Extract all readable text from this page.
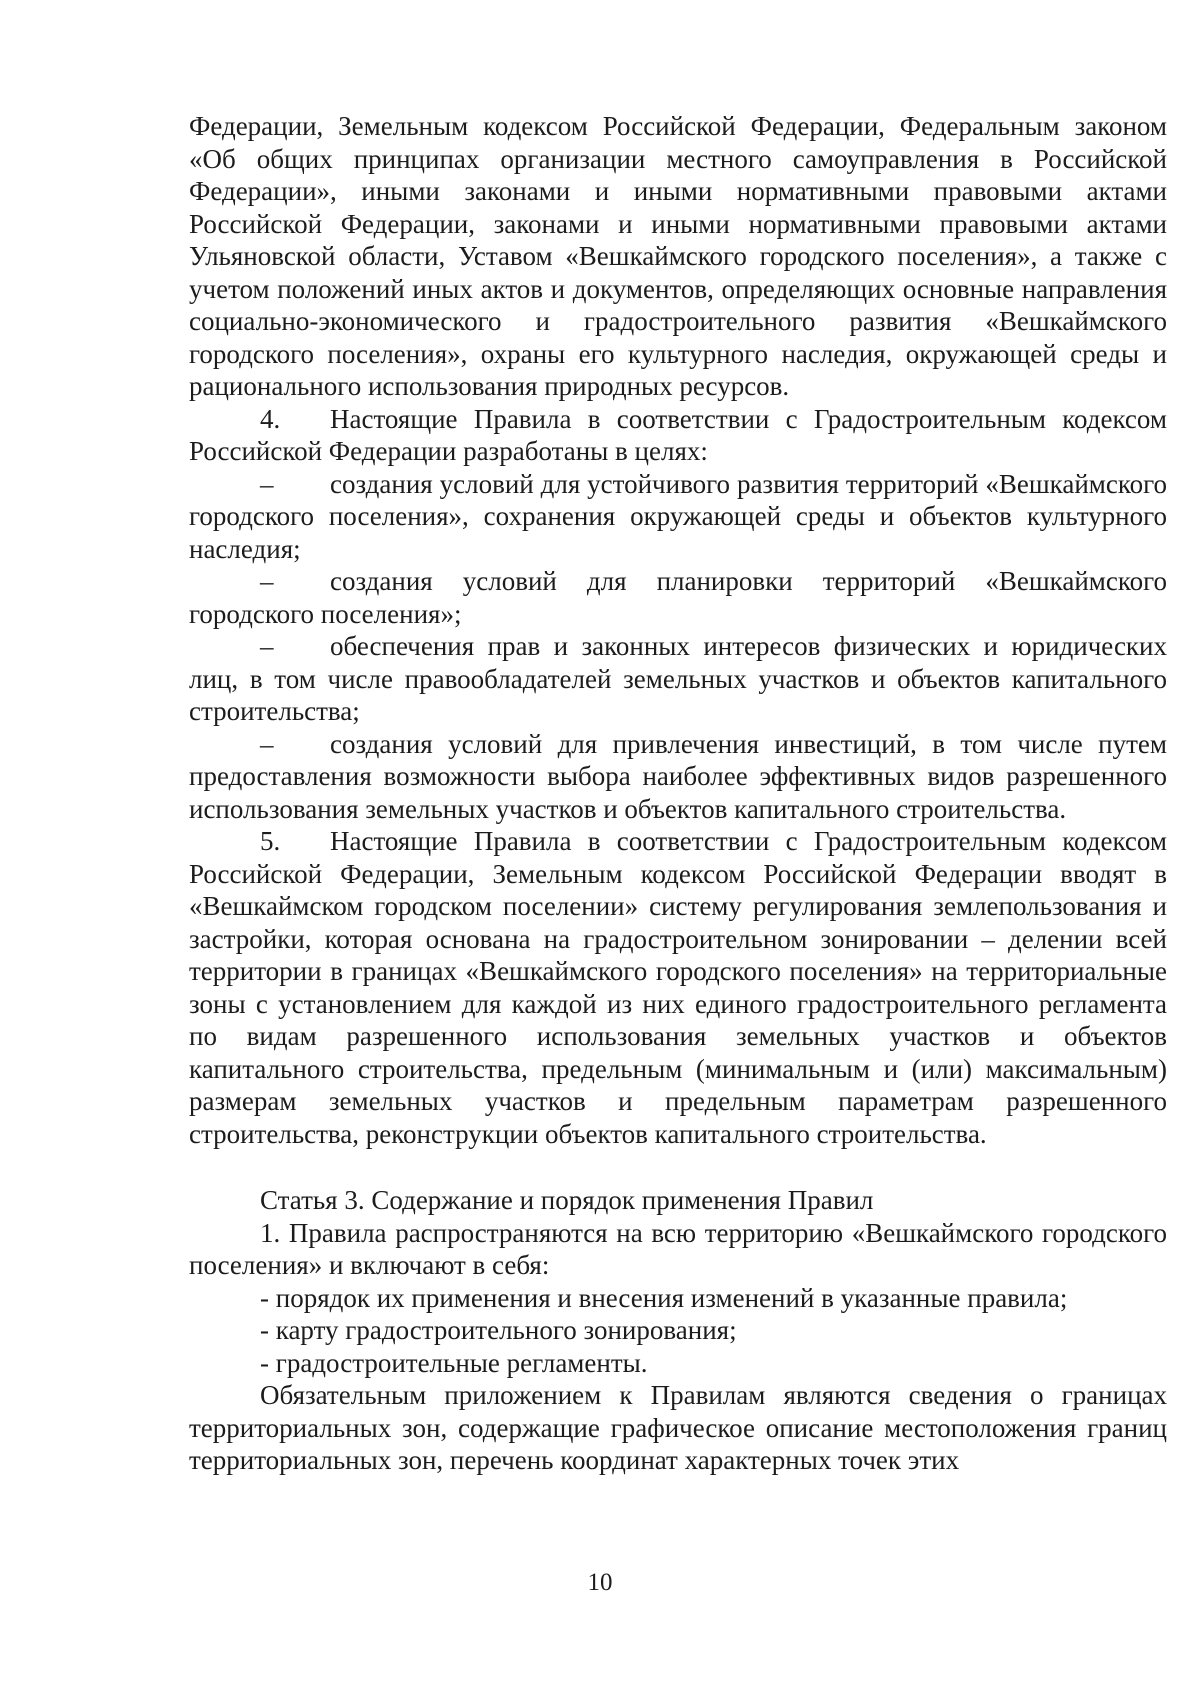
Федерации, Земельным кодексом Российской Федерации, Федеральным законом «Об общих принципах организации местного самоуправления в Российской Федерации», иными законами и иными нормативными правовыми актами Российской Федерации, законами и иными нормативными правовыми актами Ульяновской области, Уставом «Вешкаймского городского поселения», а также с учетом положений иных актов и документов, определяющих основные направления социально-экономического и градостроительного развития «Вешкаймского городского поселения», охраны его культурного наследия, окружающей среды и рационального использования природных ресурсов.

4. Настоящие Правила в соответствии с Градостроительным кодексом Российской Федерации разработаны в целях:

– создания условий для устойчивого развития территорий «Вешкаймского городского поселения», сохранения окружающей среды и объектов культурного наследия;

– создания условий для планировки территорий «Вешкаймского городского поселения»;

– обеспечения прав и законных интересов физических и юридических лиц, в том числе правообладателей земельных участков и объектов капитального строительства;

– создания условий для привлечения инвестиций, в том числе путем предоставления возможности выбора наиболее эффективных видов разрешенного использования земельных участков и объектов капитального строительства.

5. Настоящие Правила в соответствии с Градостроительным кодексом Российской Федерации, Земельным кодексом Российской Федерации вводят в «Вешкаймском городском поселении» систему регулирования землепользования и застройки, которая основана на градостроительном зонировании – делении всей территории в границах «Вешкаймского городского поселения» на территориальные зоны с установлением для каждой из них единого градостроительного регламента по видам разрешенного использования земельных участков и объектов капитального строительства, предельным (минимальным и (или) максимальным) размерам земельных участков и предельным параметрам разрешенного строительства, реконструкции объектов капитального строительства.

Статья 3. Содержание и порядок применения Правил

1. Правила распространяются на всю территорию «Вешкаймского городского поселения» и включают в себя:

- порядок их применения и внесения изменений в указанные правила;

- карту градостроительного зонирования;

- градостроительные регламенты.

Обязательным приложением к Правилам являются сведения о границах территориальных зон, содержащие графическое описание местоположения границ территориальных зон, перечень координат характерных точек этих

10
